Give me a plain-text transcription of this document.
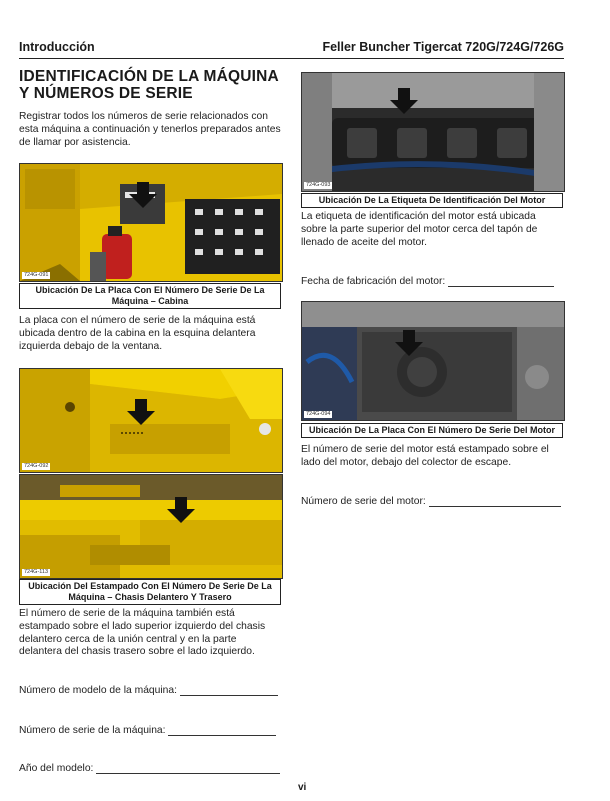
Introducción	Feller Buncher Tigercat 720G/724G/726G
IDENTIFICACIÓN DE LA MÁQUINA
Y NÚMEROS DE SERIE
Registrar todos los números de serie relacionados con esta máquina a continuación y tenerlos preparados antes de llamar por asistencia.
724G-091
Ubicación De La Placa Con El Número De Serie De La
Máquina – Cabina
La placa con el número de serie de la máquina está ubicada dentro de la cabina en la esquina delantera izquierda debajo de la ventana.
724G-092
724G-113
Ubicación Del Estampado Con El Número De Serie De La
Máquina – Chasis Delantero Y Trasero
El número de serie de la máquina también está estampado sobre el lado superior izquierdo del chasis delantero cerca de la unión central y en la parte delantera del chasis trasero sobre el lado izquierdo.
Número de modelo de la máquina:
Número de serie de la máquina:
Año del modelo:
724G-093
Ubicación De La Etiqueta De Identificación Del Motor
La etiqueta de identificación del motor está ubicada sobre la parte superior del motor cerca del tapón de llenado de aceite del motor.
Fecha de fabricación del motor:
724G-094
Ubicación De La Placa Con El Número De Serie Del Motor
El número de serie del motor está estampado sobre el lado del motor, debajo del colector de escape.
Número de serie del motor:
vi
